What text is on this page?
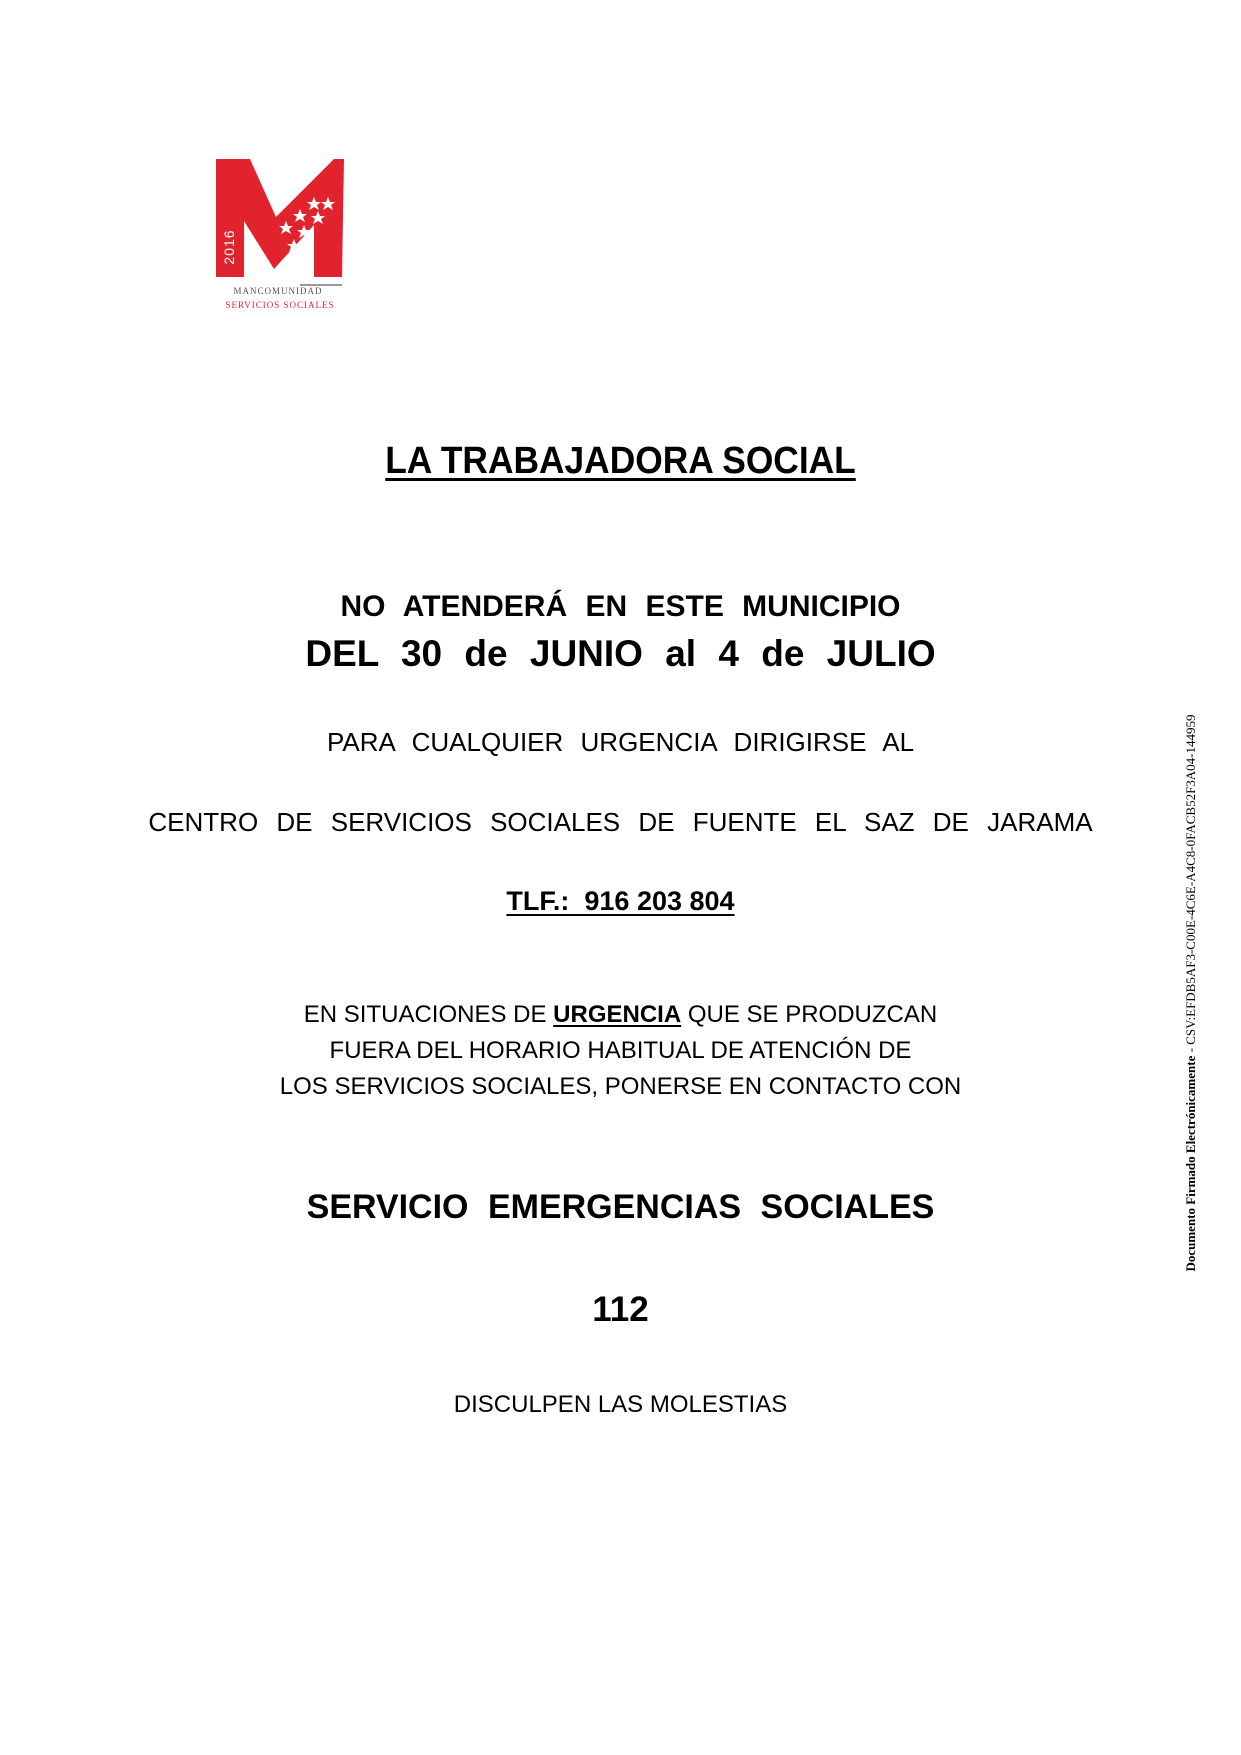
2016
MANCOMUNIDAD
SERVICIOS SOCIALES
LA TRABAJADORA SOCIAL
NO ATENDERÁ EN ESTE MUNICIPIO
DEL 30 de JUNIO al 4 de JULIO
PARA CUALQUIER URGENCIA DIRIGIRSE AL
CENTRO DE SERVICIOS SOCIALES DE FUENTE EL SAZ DE JARAMA
TLF.:  916 203 804
EN SITUACIONES DE URGENCIA QUE SE PRODUZCAN
FUERA DEL HORARIO HABITUAL DE ATENCIÓN DE
LOS SERVICIOS SOCIALES, PONERSE EN CONTACTO CON
SERVICIO EMERGENCIAS SOCIALES
112
DISCULPEN LAS MOLESTIAS
Documento Firmado Electrónicamente - CSV:EFDB5AF3-C00E-4C6E-A4C8-0FACB52F3A04-144959
